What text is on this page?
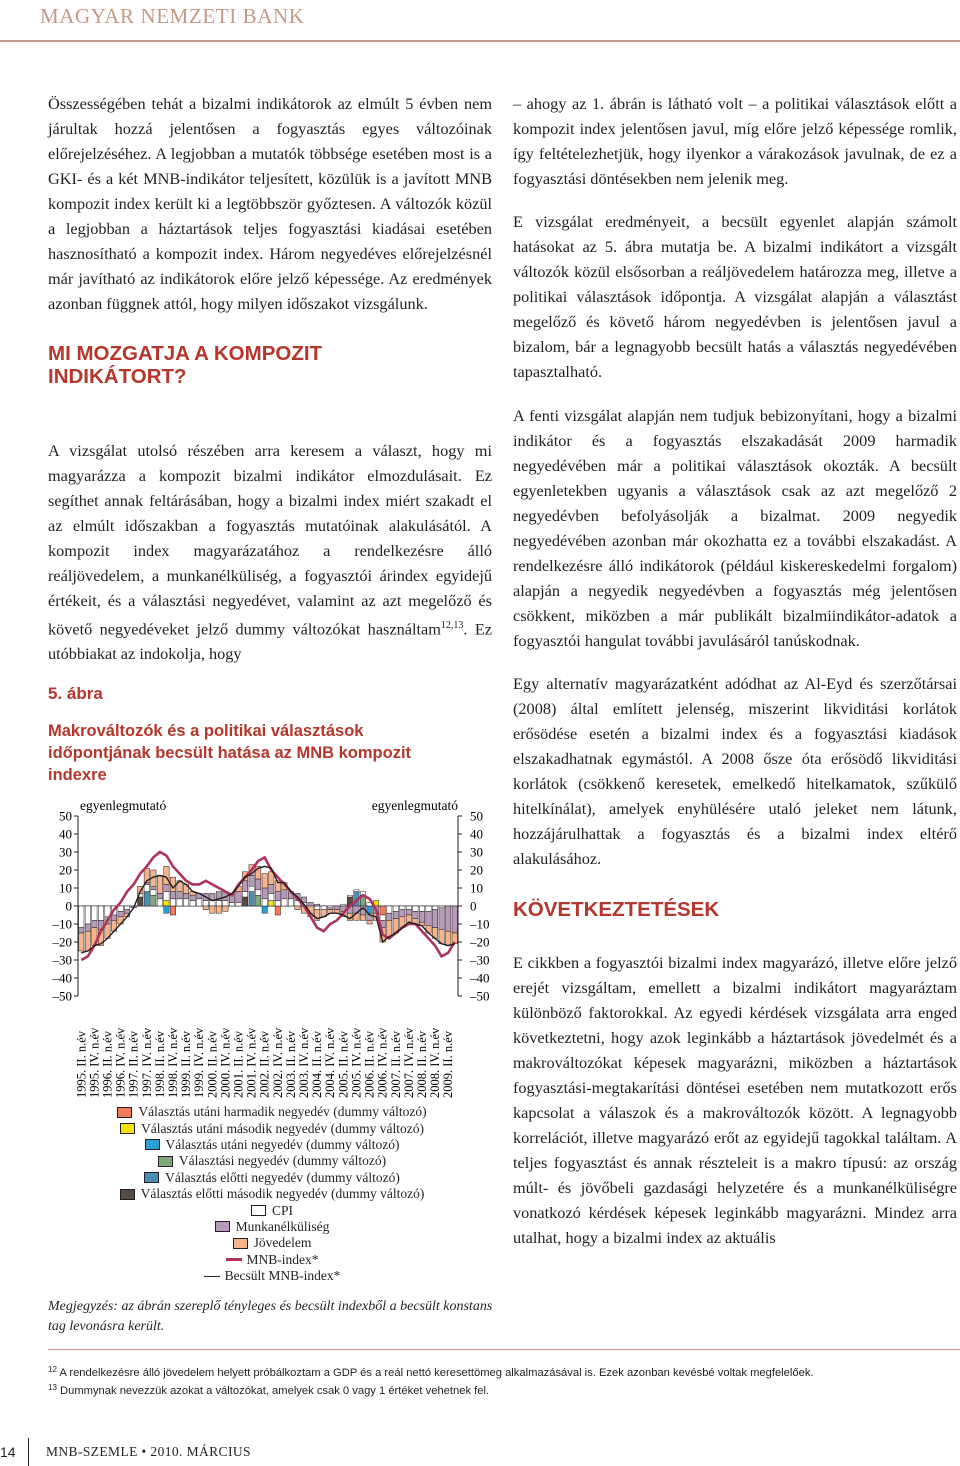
MAGYAR NEMZETI BANK

Összességében tehát a bizalmi indikátorok az elmúlt 5 évben nem járultak hozzá jelentősen a fogyasztás egyes változóinak előrejelzéséhez. A legjobban a mutatók többsége esetében most is a GKI- és a két MNB-indikátor teljesített, közülük is a javított MNB kompozit index került ki a legtöbbször győztesen. A változók közül a legjobban a háztartások teljes fogyasztási kiadásai esetében hasznosítható a kompozit index. Három negyedéves előrejelzésnél már javítható az indikátorok előre jelző képessége. Az eredmények azonban függnek attól, hogy milyen időszakot vizsgálunk.

MI MOZGATJA A KOMPOZIT INDIKÁTORT?

A vizsgálat utolsó részében arra keresem a választ, hogy mi magyarázza a kompozit bizalmi indikátor elmozdulásait. Ez segíthet annak feltárásában, hogy a bizalmi index miért szakadt el az elmúlt időszakban a fogyasztás mutatóinak alakulásától. A kompozit index magyarázatához a rendelkezésre álló reáljövedelem, a munkanélküliség, a fogyasztói árindex egyidejű értékeit, és a választási negyedévet, valamint az azt megelőző és követő negyedéveket jelző dummy változókat használtam$^{12,13}$. Ez utóbbiakat az indokolja, hogy

5. ábra
Makrováltozók és a politikai választások időpontjának becsült hatása az MNB kompozit indexre
50	50
40	40
30	30
20	20
10	10
0	0
–10	–10
–20	–20
–30	–30
–40	–40
–50	–50
egyenlegmutató	egyenlegmutató
1995. II. n.év 1995. IV. n.év 1996. II. n.év 1996. IV. n.év 1997. II. n.év 1997. IV. n.év 1998. II. n.év 1998. IV. n.év 1999. II. n.év 1999. IV. n.év 2000. II. n.év 2000. IV. n.év 2001. II. n.év 2001. IV. n.év 2002. II. n.év 2002. IV. n.év 2003. II. n.év 2003. IV. n.év 2004. II. n.év 2004. IV. n.év 2005. II. n.év 2005. IV. n.év 2006. II. n.év 2006. IV. n.év 2007. II. n.év 2007. IV. n.év 2008. II. n.év 2008. IV. n.év 2009. II. n.év
Választás utáni harmadik negyedév (dummy változó)
Választás utáni második negyedév (dummy változó)
Választás utáni negyedév (dummy változó)
Választási negyedév (dummy változó)
Választás előtti negyedév (dummy változó)
Választás előtti második negyedév (dummy változó)
CPI
Munkanélküliség
Jövedelem
MNB-index*
Becsült MNB-index*
Megjegyzés: az ábrán szereplő tényleges és becsült indexből a becsült konstans tag levonásra került.

– ahogy az 1. ábrán is látható volt – a politikai választások előtt a kompozit index jelentősen javul, míg előre jelző képessége romlik, így feltételezhetjük, hogy ilyenkor a várakozások javulnak, de ez a fogyasztási döntésekben nem jelenik meg.

E vizsgálat eredményeit, a becsült egyenlet alapján számolt hatásokat az 5. ábra mutatja be. A bizalmi indikátort a vizsgált változók közül elsősorban a reáljövedelem határozza meg, illetve a politikai választások időpontja. A vizsgálat alapján a választást megelőző és követő három negyedévben is jelentősen javul a bizalom, bár a legnagyobb becsült hatás a választás negyedévében tapasztalható.

A fenti vizsgálat alapján nem tudjuk bebizonyítani, hogy a bizalmi indikátor és a fogyasztás elszakadását 2009 harmadik negyedévében már a politikai választások okozták. A becsült egyenletekben ugyanis a választások csak az azt megelőző 2 negyedévben befolyásolják a bizalmat. 2009 negyedik negyedévében azonban már okozhatta ez a további elszakadást. A rendelkezésre álló indikátorok (például kiskereskedelmi forgalom) alapján a negyedik negyedévben a fogyasztás még jelentősen csökkent, miközben a már publikált bizalmiindikátor-adatok a fogyasztói hangulat további javulásáról tanúskodnak.

Egy alternatív magyarázatként adódhat az Al-Eyd és szerzőtársai (2008) által említett jelenség, miszerint likviditási korlátok erősödése esetén a bizalmi index és a fogyasztási kiadások elszakadhatnak egymástól. A 2008 ősze óta erősödő likviditási korlátok (csökkenő keresetek, emelkedő hitelkamatok, szűkülő hitelkínálat), amelyek enyhülésére utaló jeleket nem látunk, hozzájárulhattak a fogyasztás és a bizalmi index eltérő alakulásához.

KÖVETKEZTETÉSEK

E cikkben a fogyasztói bizalmi index magyarázó, illetve előre jelző erejét vizsgáltam, emellett a bizalmi indikátort magyaráztam különböző faktorokkal. Az egyedi kérdések vizsgálata arra enged következtetni, hogy azok leginkább a háztartások jövedelmét és a makrováltozókat képesek magyarázni, miközben a háztartások fogyasztási-megtakarítási döntései esetében nem mutatkozott erős kapcsolat a válaszok és a makrováltozók között. A legnagyobb korrelációt, illetve magyarázó erőt az egyidejű tagokkal találtam. A teljes fogyasztást és annak részteleit is a makro típusú: az ország múlt- és jövőbeli gazdasági helyzetére és a munkanélküliségre vonatkozó kérdések képesek leginkább magyarázni. Mindez arra utalhat, hogy a bizalmi index az aktuális

$^{12}$ A rendelkezésre álló jövedelem helyett próbálkoztam a GDP és a reál nettó keresettömeg alkalmazásával is. Ezek azonban kevésbé voltak megfelelőek.
$^{13}$ Dummynak nevezzük azokat a változókat, amelyek csak 0 vagy 1 értéket vehetnek fel.
14 MNB-SZEMLE • 2010. MÁRCIUS
